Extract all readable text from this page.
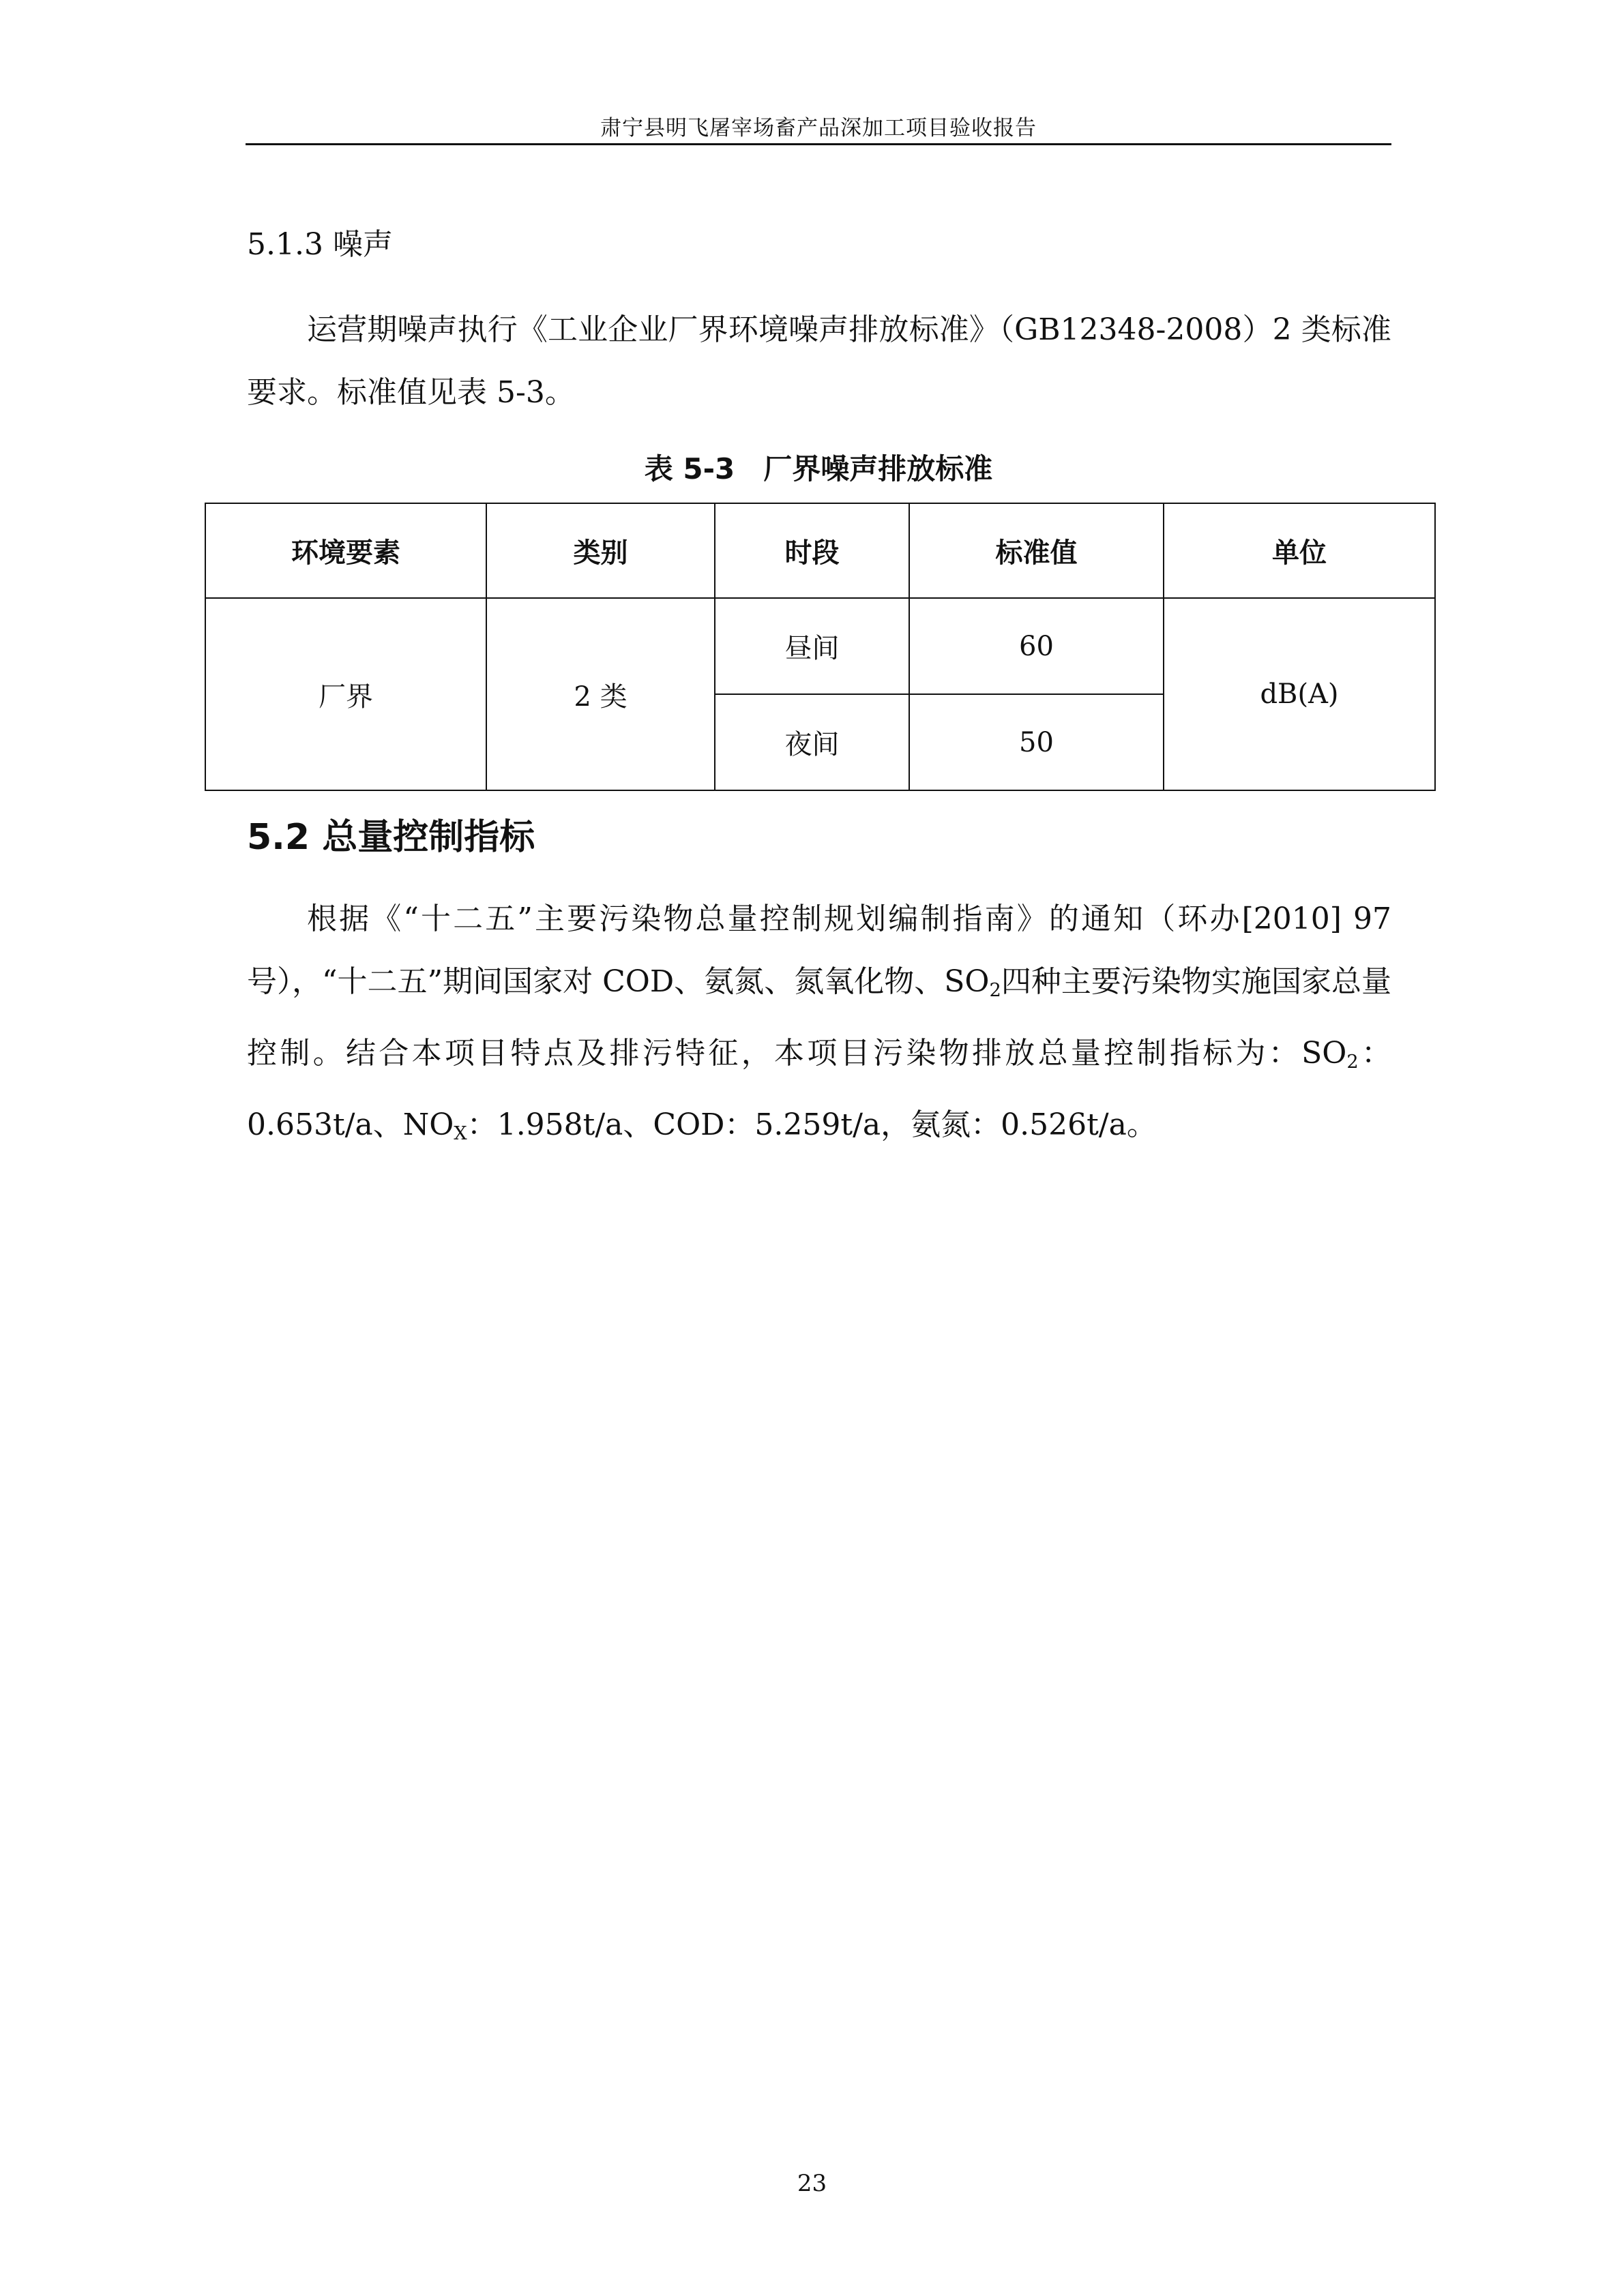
肃宁县明飞屠宰场畜产品深加工项目验收报告
5.1.3 噪声

运营期噪声执行《工业企业厂界环境噪声排放标准》（GB12348-2008）2 类标准要求。标准值见表 5-3。

表 5-3　厂界噪声排放标准
环境要素	类别	时段	标准值	单位
厂界	2 类	昼间	60	dB(A)
		夜间	50	
5.2 总量控制指标

根据《“十二五”主要污染物总量控制规划编制指南》的通知（环办[2010] 97 号），“十二五”期间国家对 COD、氨氮、氮氧化物、$SO_2$四种主要污染物实施国家总量控制。结合本项目特点及排污特征，本项目污染物排放总量控制指标为：$SO_2$：0.653t/a、$NO_X$：1.958t/a、COD：5.259t/a，氨氮：0.526t/a。

23
